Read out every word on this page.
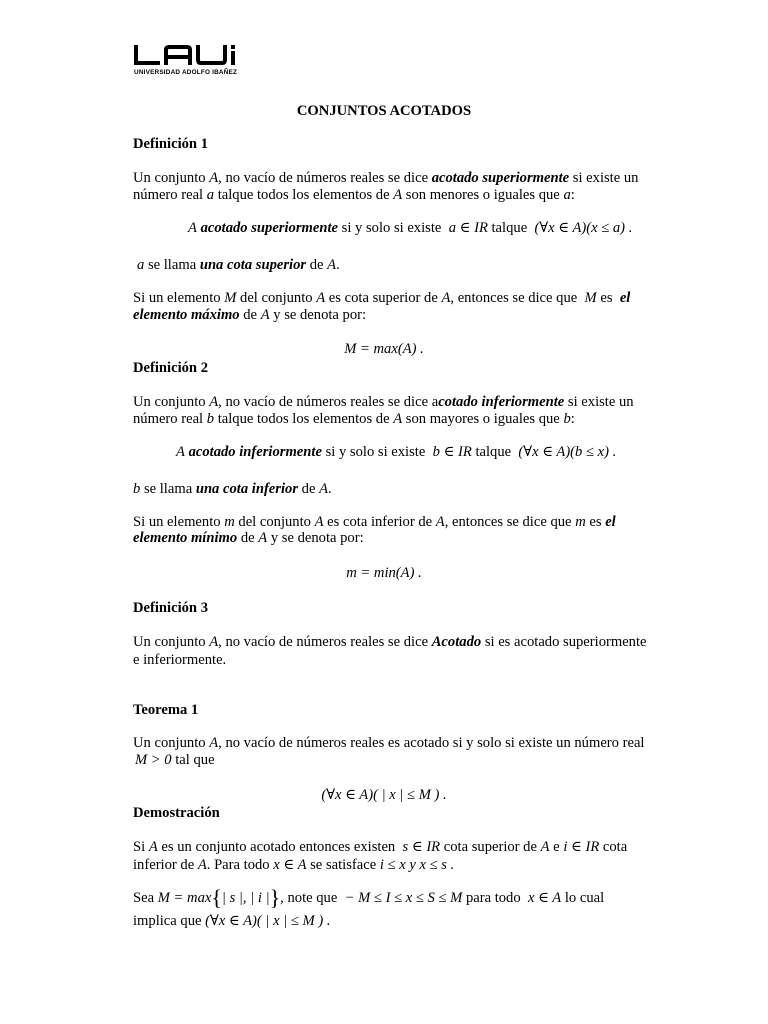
UNIVERSIDAD ADOLFO IBAÑEZ
CONJUNTOS ACOTADOS
Definición 1
Un conjunto A, no vacío de números reales se dice acotado superiormente si existe un
número real a talque todos los elementos de A son menores o iguales que a:
A acotado superiormente si y solo si existe  a ∈ IR talque  (∀x ∈ A)(x ≤ a) .
a se llama una cota superior de A.
Si un elemento M del conjunto A es cota superior de A, entonces se dice que  M es  el
elemento máximo de A y se denota por:
M = max(A) .
Definición 2
Un conjunto A, no vacío de números reales se dice acotado inferiormente si existe un
número real b talque todos los elementos de A son mayores o iguales que b:
A acotado inferiormente si y solo si existe  b ∈ IR talque  (∀x ∈ A)(b ≤ x) .
b se llama una cota inferior de A.
Si un elemento m del conjunto A es cota inferior de A, entonces se dice que m es el
elemento mínimo de A y se denota por:
m = min(A) .
Definición 3
Un conjunto A, no vacío de números reales se dice Acotado si es acotado superiormente
e inferiormente.
Teorema 1
Un conjunto A, no vacío de números reales es acotado si y solo si existe un número real
M > 0 tal que
(∀x ∈ A)( | x | ≤ M ) .
Demostración
Si A es un conjunto acotado entonces existen  s ∈ IR cota superior de A e i ∈ IR cota
inferior de A. Para todo x ∈ A se satisface i ≤ x y x ≤ s .
Sea M = max{| s |, | i |}, note que  − M ≤ I ≤ x ≤ S ≤ M para todo  x ∈ A lo cual
implica que (∀x ∈ A)( | x | ≤ M ) .
